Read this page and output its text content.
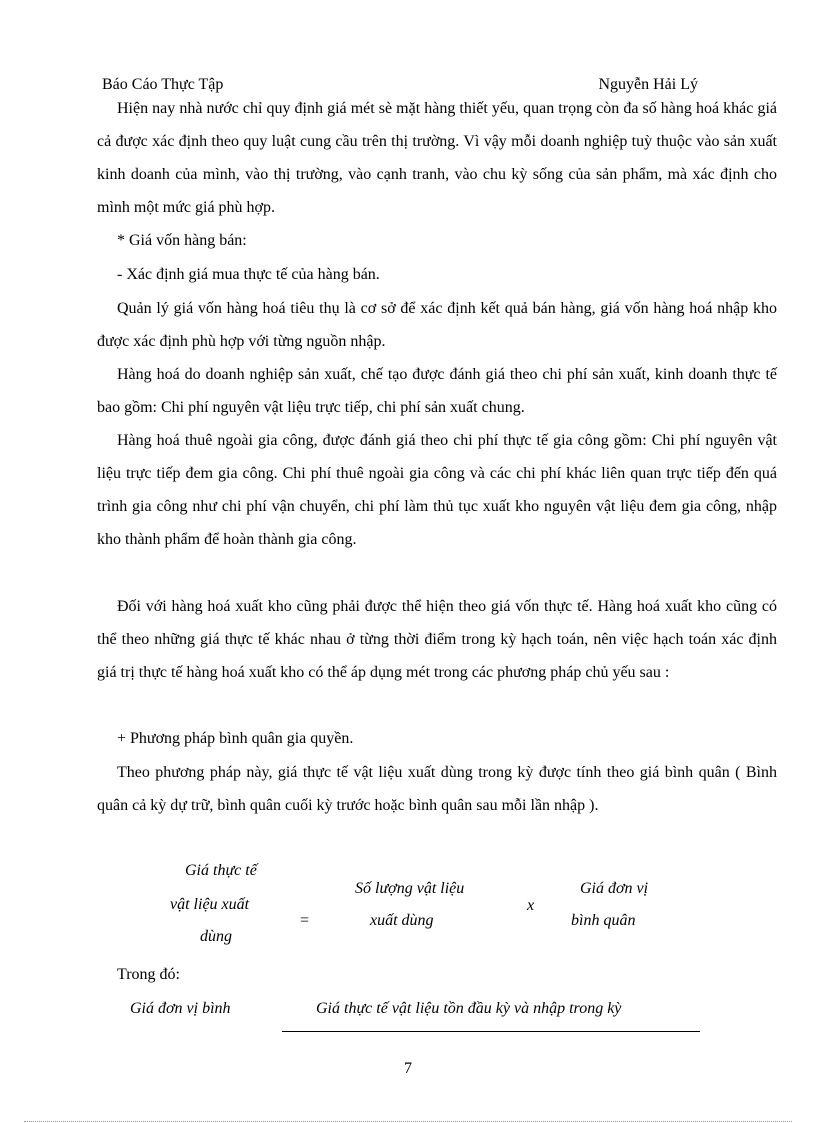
Báo Cáo Thực Tập	Nguyễn Hải Lý

Hiện nay nhà nước chỉ quy định giá mét sè mặt hàng thiết yếu, quan trọng còn đa số hàng hoá khác giá cả được xác định theo quy luật cung cầu trên thị trường. Vì vậy mỗi doanh nghiệp tuỳ thuộc vào sản xuất kinh doanh của mình, vào thị trường, vào cạnh tranh, vào chu kỳ sống của sản phẩm, mà xác định cho mình một mức giá phù hợp.

* Giá vốn hàng bán:

- Xác định giá mua thực tế của hàng bán.

Quản lý giá vốn hàng hoá tiêu thụ là cơ sở để xác định kết quả bán hàng, giá vốn hàng hoá nhập kho được xác định phù hợp với từng nguồn nhập.

Hàng hoá do doanh nghiệp sản xuất, chế tạo được đánh giá theo chi phí sản xuất, kinh doanh thực tế bao gồm: Chi phí nguyên vật liệu trực tiếp, chi phí sản xuất chung.

Hàng hoá thuê ngoài gia công, được đánh giá theo chi phí thực tế gia công gồm: Chi phí nguyên vật liệu trực tiếp đem gia công. Chi phí thuê ngoài gia công và các chi phí khác liên quan trực tiếp đến quá trình gia công như chi phí vận chuyển, chi phí làm thủ tục xuất kho nguyên vật liệu đem gia công, nhập kho thành phẩm để hoàn thành gia công.

Đối với hàng hoá xuất kho cũng phải được thể hiện theo giá vốn thực tế. Hàng hoá xuất kho cũng có thể theo những giá thực tế khác nhau ở từng thời điểm trong kỳ hạch toán, nên việc hạch toán xác định giá trị thực tế hàng hoá xuất kho có thể áp dụng mét trong các phương pháp chủ yếu sau :

+ Phương pháp bình quân gia quyền.

Theo phương pháp này, giá thực tế vật liệu xuất dùng trong kỳ được tính theo giá bình quân ( Bình quân cả kỳ dự trữ, bình quân cuối kỳ trước hoặc bình quân sau mỗi lần nhập ).

Giá thực tế
vật liệu xuất
dùng
=
Số lượng vật liệu
xuất dùng
x
Giá đơn vị
bình quân
Trong đó:
Giá đơn vị bình	Giá thực tế vật liệu tồn đầu kỳ và nhập trong kỳ
7
